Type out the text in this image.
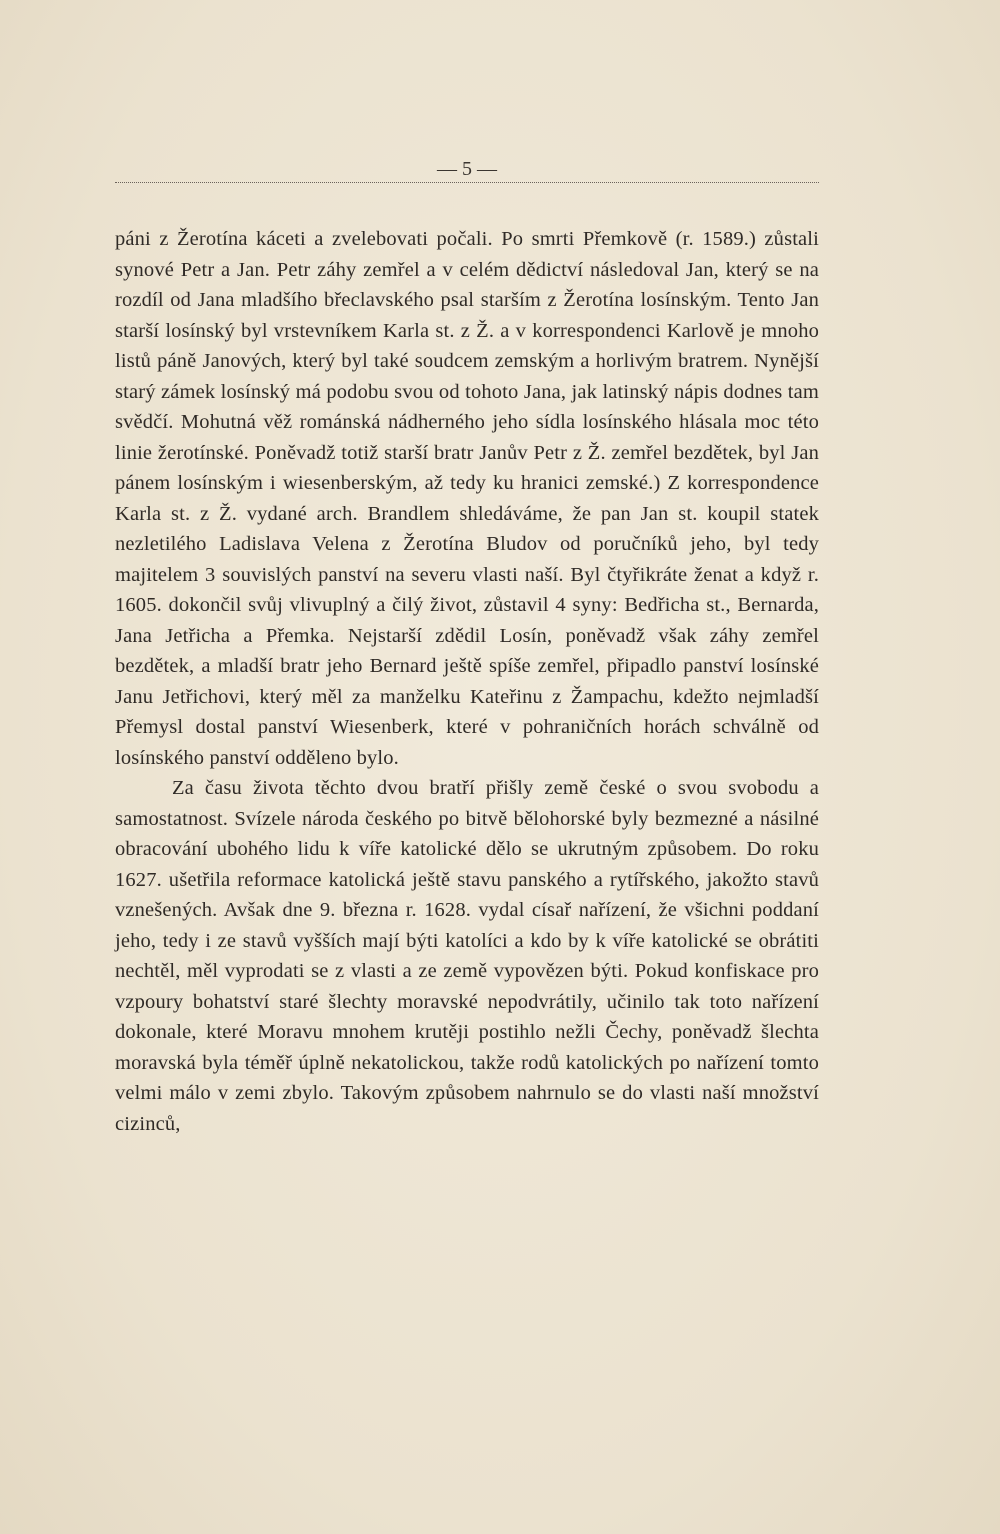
— 5 —

páni z Žerotína káceti a zvelebovati počali. Po smrti Přemkově (r. 1589.) zůstali synové Petr a Jan. Petr záhy zemřel a v celém dědictví následoval Jan, který se na rozdíl od Jana mladšího břeclavského psal starším z Žerotína losínským. Tento Jan starší losínský byl vrstevníkem Karla st. z Ž. a v korrespondenci Karlově je mnoho listů páně Janových, který byl také soudcem zemským a horlivým bratrem. Nynější starý zámek losínský má podobu svou od tohoto Jana, jak latinský nápis dodnes tam svědčí. Mohutná věž románská nádherného jeho sídla losínského hlásala moc této linie žerotínské. Poněvadž totiž starší bratr Janův Petr z Ž. zemřel bezdětek, byl Jan pánem losínským i wiesenberským, až tedy ku hranici zemské.) Z korrespondence Karla st. z Ž. vydané arch. Brandlem shledáváme, že pan Jan st. koupil statek nezletilého Ladislava Velena z Žerotína Bludov od poručníků jeho, byl tedy majitelem 3 souvislých panství na severu vlasti naší. Byl čtyřikráte ženat a když r. 1605. dokončil svůj vlivuplný a čilý život, zůstavil 4 syny: Bedřicha st., Bernarda, Jana Jetřicha a Přemka. Nejstarší zdědil Losín, poněvadž však záhy zemřel bezdětek, a mladší bratr jeho Bernard ještě spíše zemřel, připadlo panství losínské Janu Jetřichovi, který měl za manželku Kateřinu z Žampachu, kdežto nejmladší Přemysl dostal panství Wiesenberk, které v pohraničních horách schválně od losínského panství odděleno bylo.

Za času života těchto dvou bratří přišly země české o svou svobodu a samostatnost. Svízele národa českého po bitvě bělohorské byly bezmezné a násilné obracování ubohého lidu k víře katolické dělo se ukrutným způsobem. Do roku 1627. ušetřila reformace katolická ještě stavu panského a rytířského, jakožto stavů vznešených. Avšak dne 9. března r. 1628. vydal císař nařízení, že všichni poddaní jeho, tedy i ze stavů vyšších mají býti katolíci a kdo by k víře katolické se obrátiti nechtěl, měl vyprodati se z vlasti a ze země vypovězen býti. Pokud konfiskace pro vzpoury bohatství staré šlechty moravské nepodvrátily, učinilo tak toto nařízení dokonale, které Moravu mnohem krutěji postihlo nežli Čechy, poněvadž šlechta moravská byla téměř úplně nekatolickou, takže rodů katolických po nařízení tomto velmi málo v zemi zbylo. Takovým způsobem nahrnulo se do vlasti naší množství cizinců,
